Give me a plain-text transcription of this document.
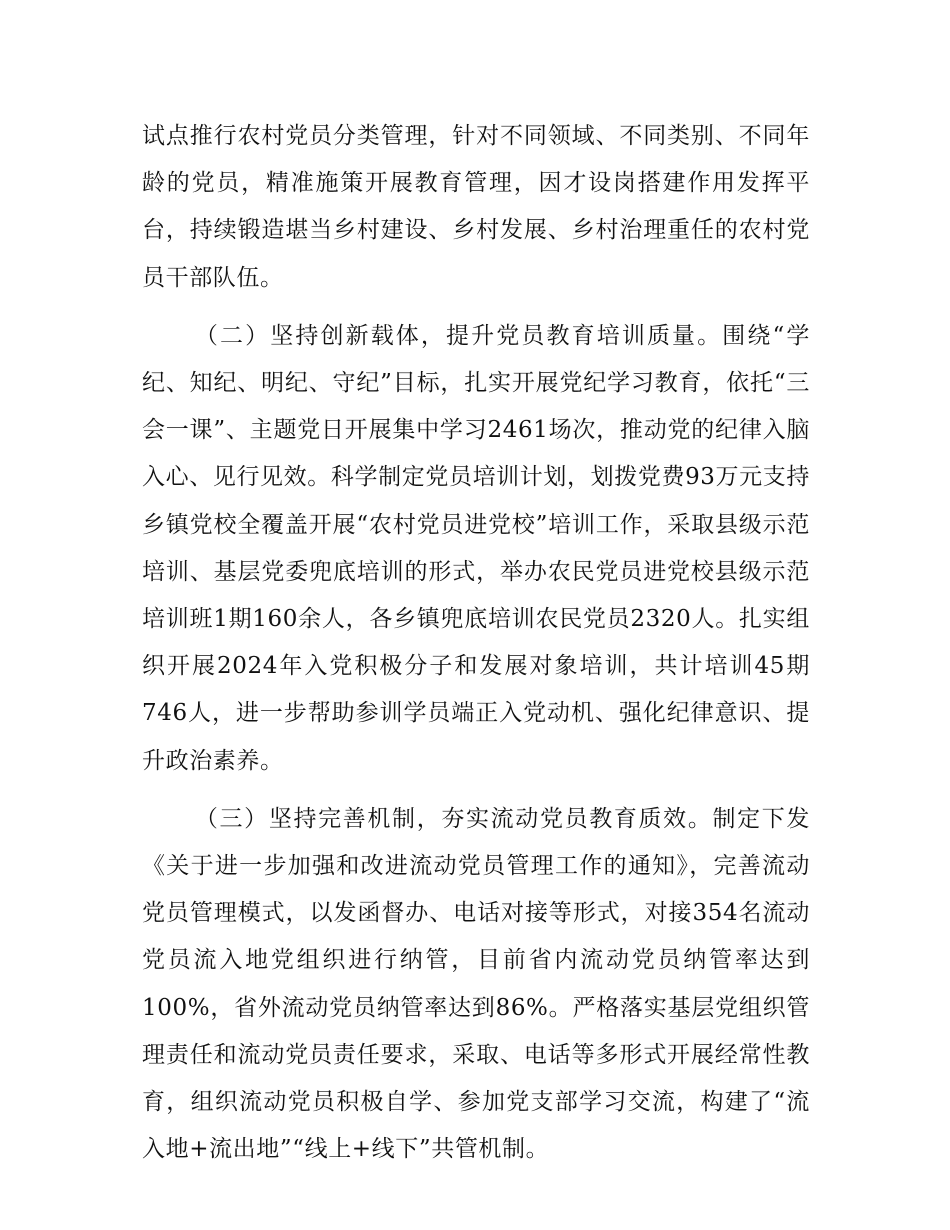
试点推行农村党员分类管理，针对不同领域、不同类别、不同年龄的党员，精准施策开展教育管理，因才设岗搭建作用发挥平台，持续锻造堪当乡村建设、乡村发展、乡村治理重任的农村党员干部队伍。

（二）坚持创新载体，提升党员教育培训质量。围绕“学纪、知纪、明纪、守纪”目标，扎实开展党纪学习教育，依托“三会一课”、主题党日开展集中学习2461场次，推动党的纪律入脑入心、见行见效。科学制定党员培训计划，划拨党费93万元支持乡镇党校全覆盖开展“农村党员进党校”培训工作，采取县级示范培训、基层党委兜底培训的形式，举办农民党员进党校县级示范培训班1期160余人，各乡镇兜底培训农民党员2320人。扎实组织开展2024年入党积极分子和发展对象培训，共计培训45期746人，进一步帮助参训学员端正入党动机、强化纪律意识、提升政治素养。

（三）坚持完善机制，夯实流动党员教育质效。制定下发《关于进一步加强和改进流动党员管理工作的通知》，完善流动党员管理模式，以发函督办、电话对接等形式，对接354名流动党员流入地党组织进行纳管，目前省内流动党员纳管率达到100%，省外流动党员纳管率达到86%。严格落实基层党组织管理责任和流动党员责任要求，采取、电话等多形式开展经常性教育，组织流动党员积极自学、参加党支部学习交流，构建了“流入地+流出地”“线上+线下”共管机制。
